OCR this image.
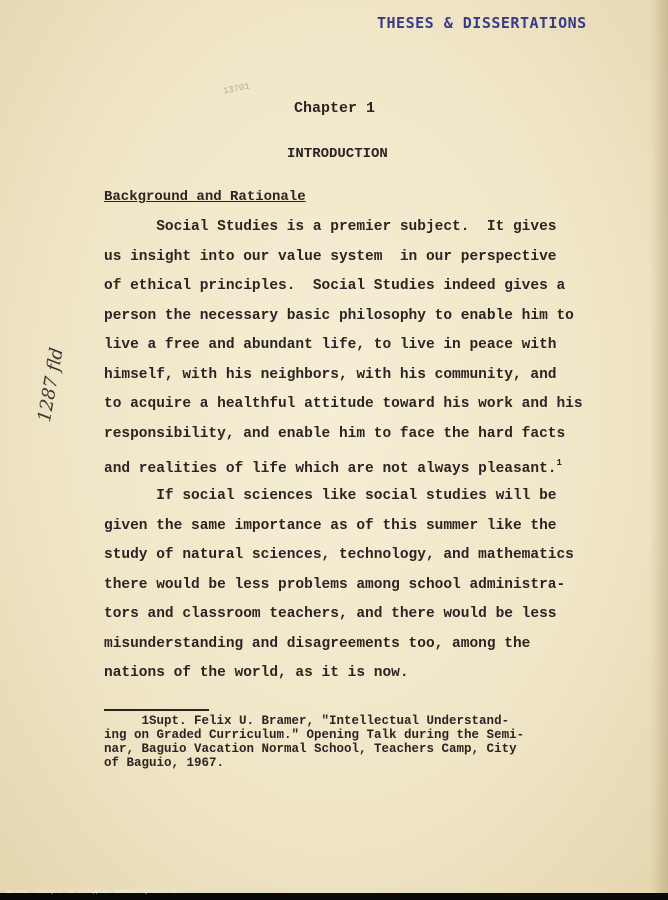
THESES & DISSERTATIONS
13701
Chapter 1
INTRODUCTION
Background and Rationale
Social Studies is a premier subject.  It gives
us insight into our value system  in our perspective
of ethical principles.  Social Studies indeed gives a
person the necessary basic philosophy to enable him to
live a free and abundant life, to live in peace with
himself, with his neighbors, with his community, and
to acquire a healthful attitude toward his work and his
responsibility, and enable him to face the hard facts
and realities of life which are not always pleasant.$^1$
If social sciences like social studies will be
given the same importance as of this summer like the
study of natural sciences, technology, and mathematics
there would be less problems among school administra-
tors and classroom teachers, and there would be less
misunderstanding and disagreements too, among the
nations of the world, as it is now.
1Supt. Felix U. Bramer, "Intellectual Understand-
ing on Graded Curriculum." Opening Talk during the Semi-
nar, Baguio Vacation Normal School, Teachers Camp, City
of Baguio, 1967.
1287 fld
National Library of the Philippines BAGFBSECCEQEF1E0F7.tif
